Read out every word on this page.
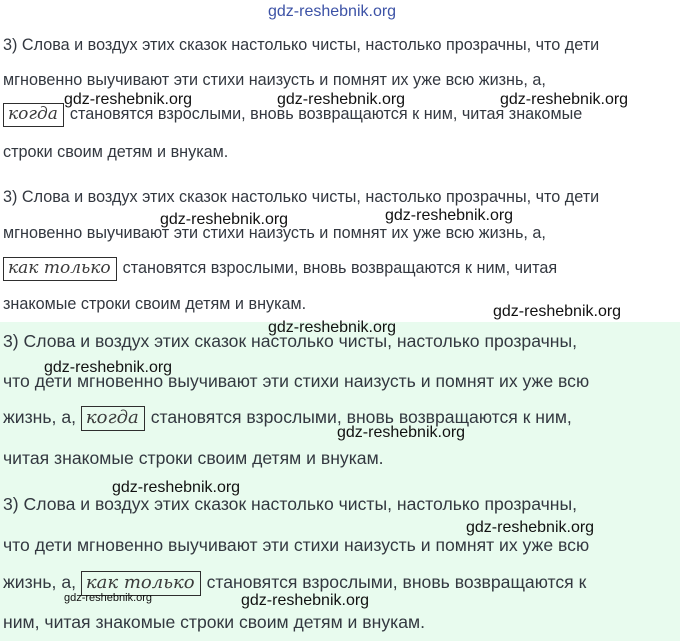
3) Слова и воздух этих сказок настолько чисты, настолько прозрачны, что дети
мгновенно выучивают эти стихи наизусть и помнят их уже всю жизнь, а,
когда становятся взрослыми, вновь возвращаются к ним, читая знакомые
строки своим детям и внукам.
3) Слова и воздух этих сказок настолько чисты, настолько прозрачны, что дети
мгновенно выучивают эти стихи наизусть и помнят их уже всю жизнь, а,
как только становятся взрослыми, вновь возвращаются к ним, читая
знакомые строки своим детям и внукам.
3) Слова и воздух этих сказок настолько чисты, настолько прозрачны,
что дети мгновенно выучивают эти стихи наизусть и помнят их уже всю
жизнь, а, когда становятся взрослыми, вновь возвращаются к ним,
читая знакомые строки своим детям и внукам.
3) Слова и воздух этих сказок настолько чисты, настолько прозрачны,
что дети мгновенно выучивают эти стихи наизусть и помнят их уже всю
жизнь, а, как только становятся взрослыми, вновь возвращаются к
ним, читая знакомые строки своим детям и внукам.
gdz-reshebnik.org
gdz-reshebnik.org	gdz-reshebnik.org	gdz-reshebnik.org
gdz-reshebnik.org	gdz-reshebnik.org
gdz-reshebnik.org
gdz-reshebnik.org
gdz-reshebnik.org
gdz-reshebnik.org
gdz-reshebnik.org
gdz-reshebnik.org
gdz-reshebnik.org	gdz-reshebnik.org
